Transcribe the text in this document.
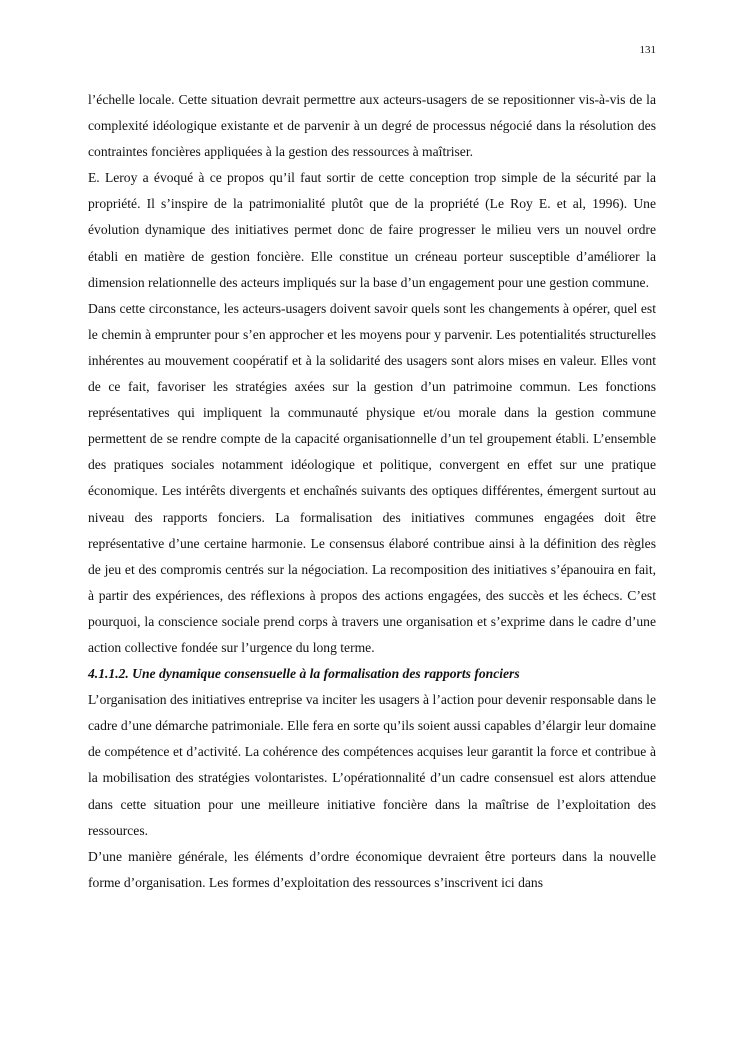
131

l’échelle locale. Cette situation devrait permettre aux acteurs-usagers de se repositionner vis-à-vis de la complexité idéologique existante et de parvenir à un degré de processus négocié dans la résolution des contraintes foncières appliquées à la gestion des ressources à maîtriser.

E. Leroy a évoqué à ce propos qu’il faut sortir de cette conception trop simple de la sécurité par la propriété. Il s’inspire de la patrimonialité plutôt que de la propriété (Le Roy E. et al, 1996). Une évolution dynamique des initiatives permet donc de faire progresser le milieu vers un nouvel ordre établi en matière de gestion foncière. Elle constitue un créneau porteur susceptible d’améliorer la dimension relationnelle des acteurs impliqués sur la base d’un engagement pour une gestion commune.

Dans cette circonstance, les acteurs-usagers doivent savoir quels sont les changements à opérer, quel est le chemin à emprunter pour s’en approcher et les moyens pour y parvenir. Les potentialités structurelles inhérentes au mouvement coopératif et à la solidarité des usagers sont alors mises en valeur. Elles vont de ce fait, favoriser les stratégies axées sur la gestion d’un patrimoine commun. Les fonctions représentatives qui impliquent la communauté physique et/ou morale dans la gestion commune permettent de se rendre compte de la capacité organisationnelle d’un tel groupement établi. L’ensemble des pratiques sociales notamment idéologique et politique, convergent en effet sur une pratique économique. Les intérêts divergents et enchaînés suivants des optiques différentes, émergent surtout au niveau des rapports fonciers. La formalisation des initiatives communes engagées doit être représentative d’une certaine harmonie. Le consensus élaboré contribue ainsi à la définition des règles de jeu et des compromis centrés sur la négociation. La recomposition des initiatives s’épanouira en fait, à partir des expériences, des réflexions à propos des actions engagées, des succès et les échecs. C’est pourquoi, la conscience sociale prend corps à travers une organisation et s’exprime dans le cadre d’une action collective fondée sur l’urgence du long terme.

4.1.1.2. Une dynamique consensuelle à la formalisation des rapports fonciers

L’organisation des initiatives entreprise va inciter les usagers à l’action pour devenir responsable dans le cadre d’une démarche patrimoniale. Elle fera en sorte qu’ils soient aussi capables d’élargir leur domaine de compétence et d’activité. La cohérence des compétences acquises leur garantit la force et contribue à la mobilisation des stratégies volontaristes. L’opérationnalité d’un cadre consensuel est alors attendue dans cette situation pour une meilleure initiative foncière dans la maîtrise de l’exploitation des ressources.

D’une manière générale, les éléments d’ordre économique devraient être porteurs dans la nouvelle forme d’organisation. Les formes d’exploitation des ressources s’inscrivent ici dans
